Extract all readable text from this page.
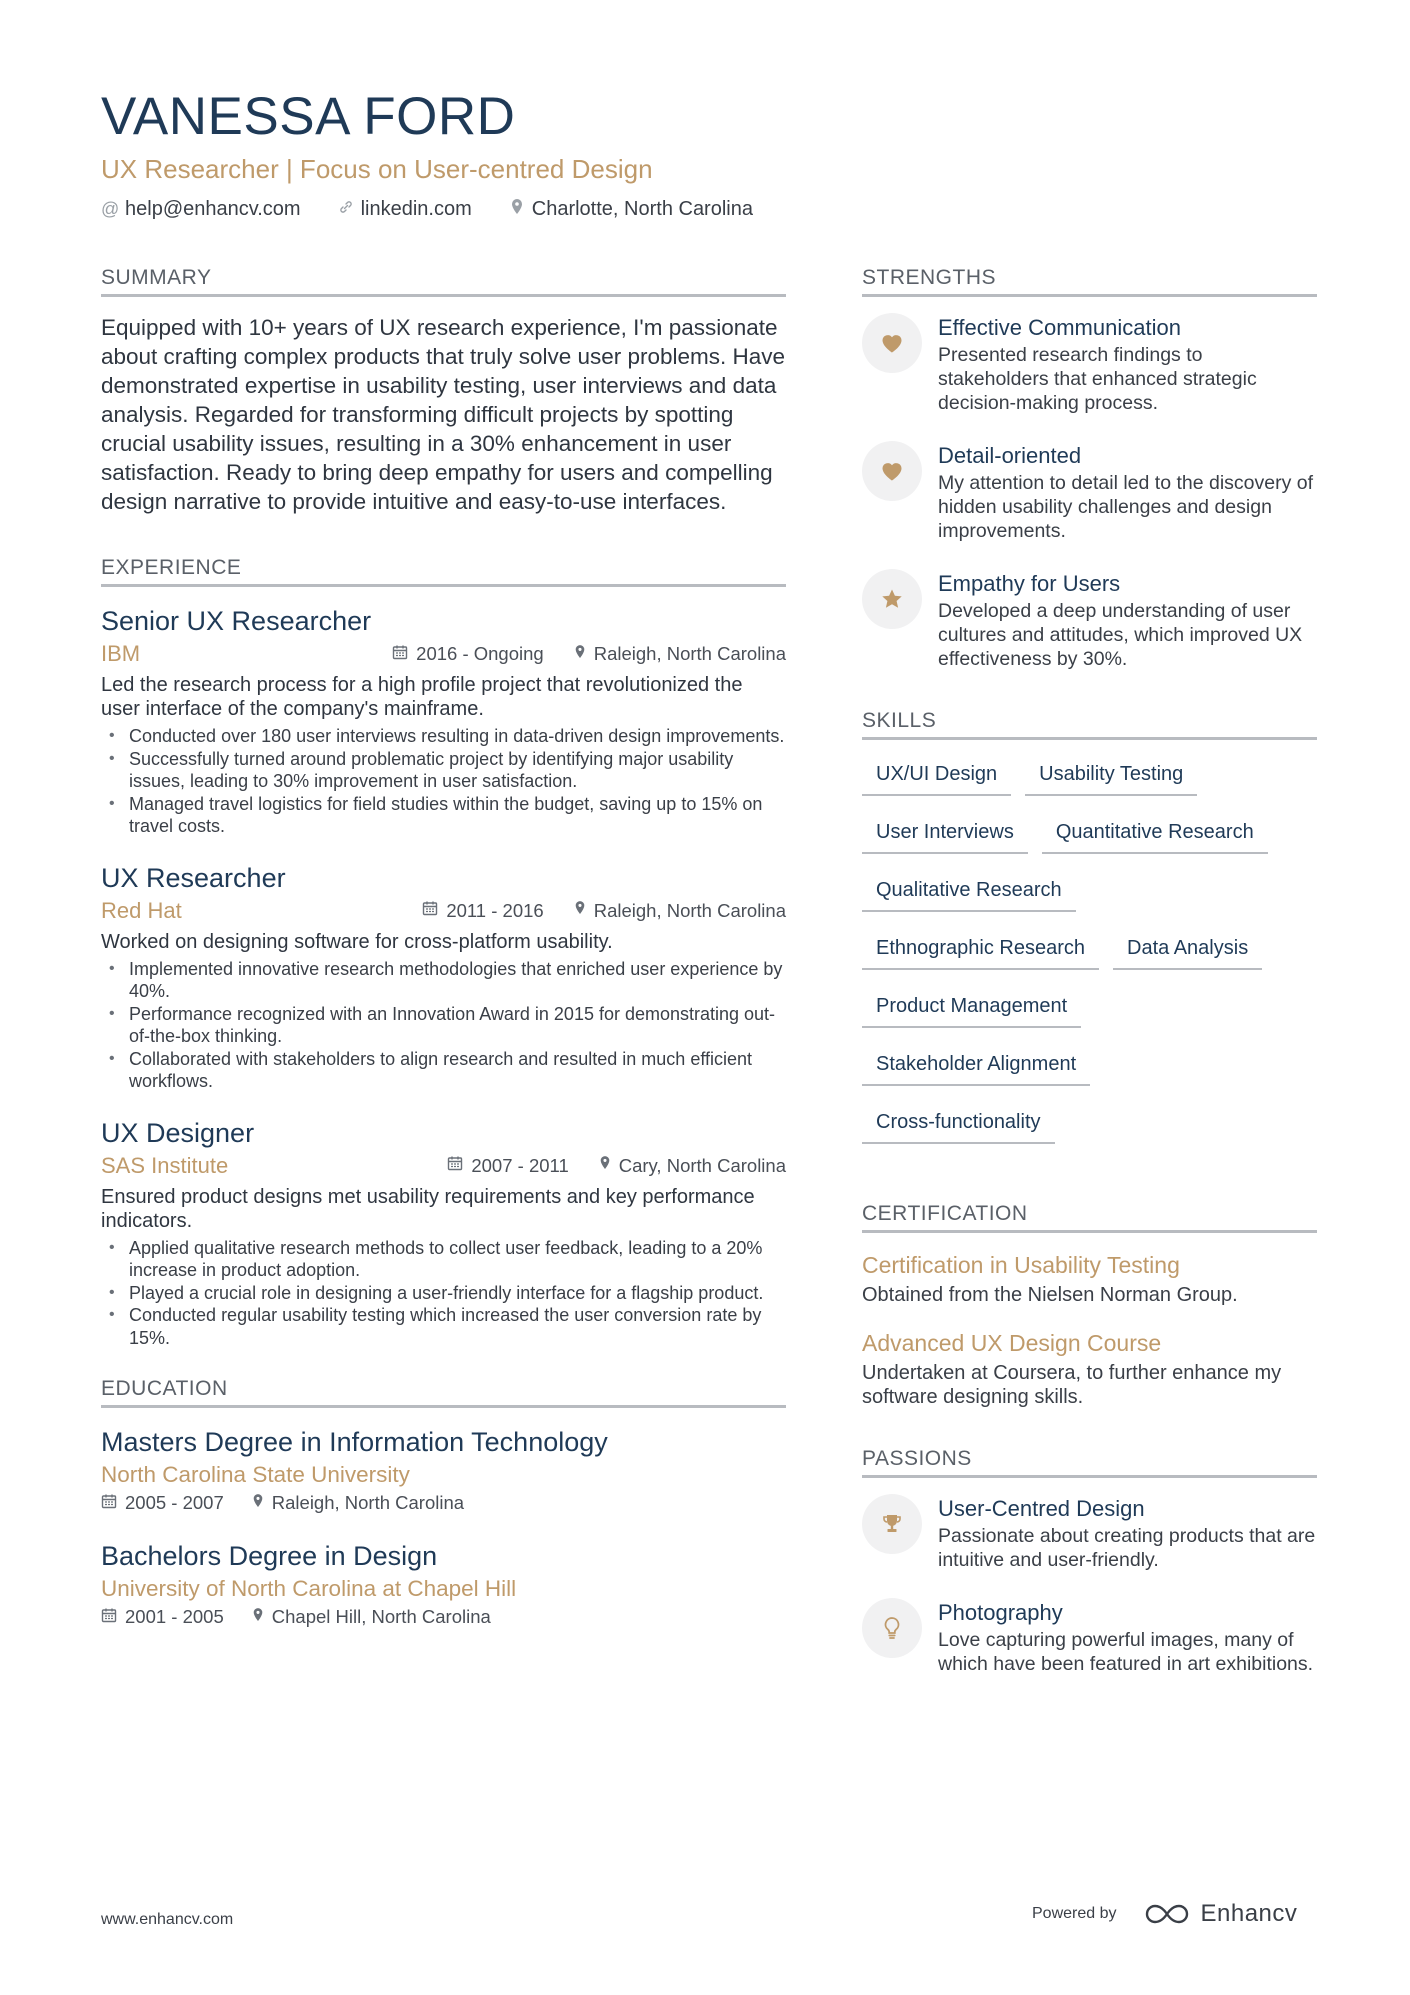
VANESSA FORD
UX Researcher | Focus on User-centred Design
@ help@enhancv.com	linkedin.com	Charlotte, North Carolina
SUMMARY

Equipped with 10+ years of UX research experience, I'm passionate about crafting complex products that truly solve user problems. Have demonstrated expertise in usability testing, user interviews and data analysis. Regarded for transforming difficult projects by spotting crucial usability issues, resulting in a 30% enhancement in user satisfaction. Ready to bring deep empathy for users and compelling design narrative to provide intuitive and easy-to-use interfaces.

EXPERIENCE
Senior UX Researcher
IBM	2016 - Ongoing	Raleigh, North Carolina
Led the research process for a high profile project that revolutionized the user interface of the company's mainframe.
• Conducted over 180 user interviews resulting in data-driven design improvements.
• Successfully turned around problematic project by identifying major usability issues, leading to 30% improvement in user satisfaction.
• Managed travel logistics for field studies within the budget, saving up to 15% on travel costs.
UX Researcher
Red Hat	2011 - 2016	Raleigh, North Carolina
Worked on designing software for cross-platform usability.
• Implemented innovative research methodologies that enriched user experience by 40%.
• Performance recognized with an Innovation Award in 2015 for demonstrating out-of-the-box thinking.
• Collaborated with stakeholders to align research and resulted in much efficient workflows.
UX Designer
SAS Institute	2007 - 2011	Cary, North Carolina
Ensured product designs met usability requirements and key performance indicators.
• Applied qualitative research methods to collect user feedback, leading to a 20% increase in product adoption.
• Played a crucial role in designing a user-friendly interface for a flagship product.
• Conducted regular usability testing which increased the user conversion rate by 15%.
EDUCATION
Masters Degree in Information Technology
North Carolina State University
2005 - 2007	Raleigh, North Carolina
Bachelors Degree in Design
University of North Carolina at Chapel Hill
2001 - 2005	Chapel Hill, North Carolina
STRENGTHS
Effective Communication
Presented research findings to stakeholders that enhanced strategic decision-making process.
Detail-oriented
My attention to detail led to the discovery of hidden usability challenges and design improvements.
Empathy for Users
Developed a deep understanding of user cultures and attitudes, which improved UX effectiveness by 30%.
SKILLS
UX/UI Design	Usability Testing
User Interviews	Quantitative Research
Qualitative Research
Ethnographic Research	Data Analysis
Product Management
Stakeholder Alignment
Cross-functionality
CERTIFICATION
Certification in Usability Testing
Obtained from the Nielsen Norman Group.
Advanced UX Design Course
Undertaken at Coursera, to further enhance my software designing skills.
PASSIONS
User-Centred Design
Passionate about creating products that are intuitive and user-friendly.
Photography
Love capturing powerful images, many of which have been featured in art exhibitions.
www.enhancv.com	Powered by	Enhancv
